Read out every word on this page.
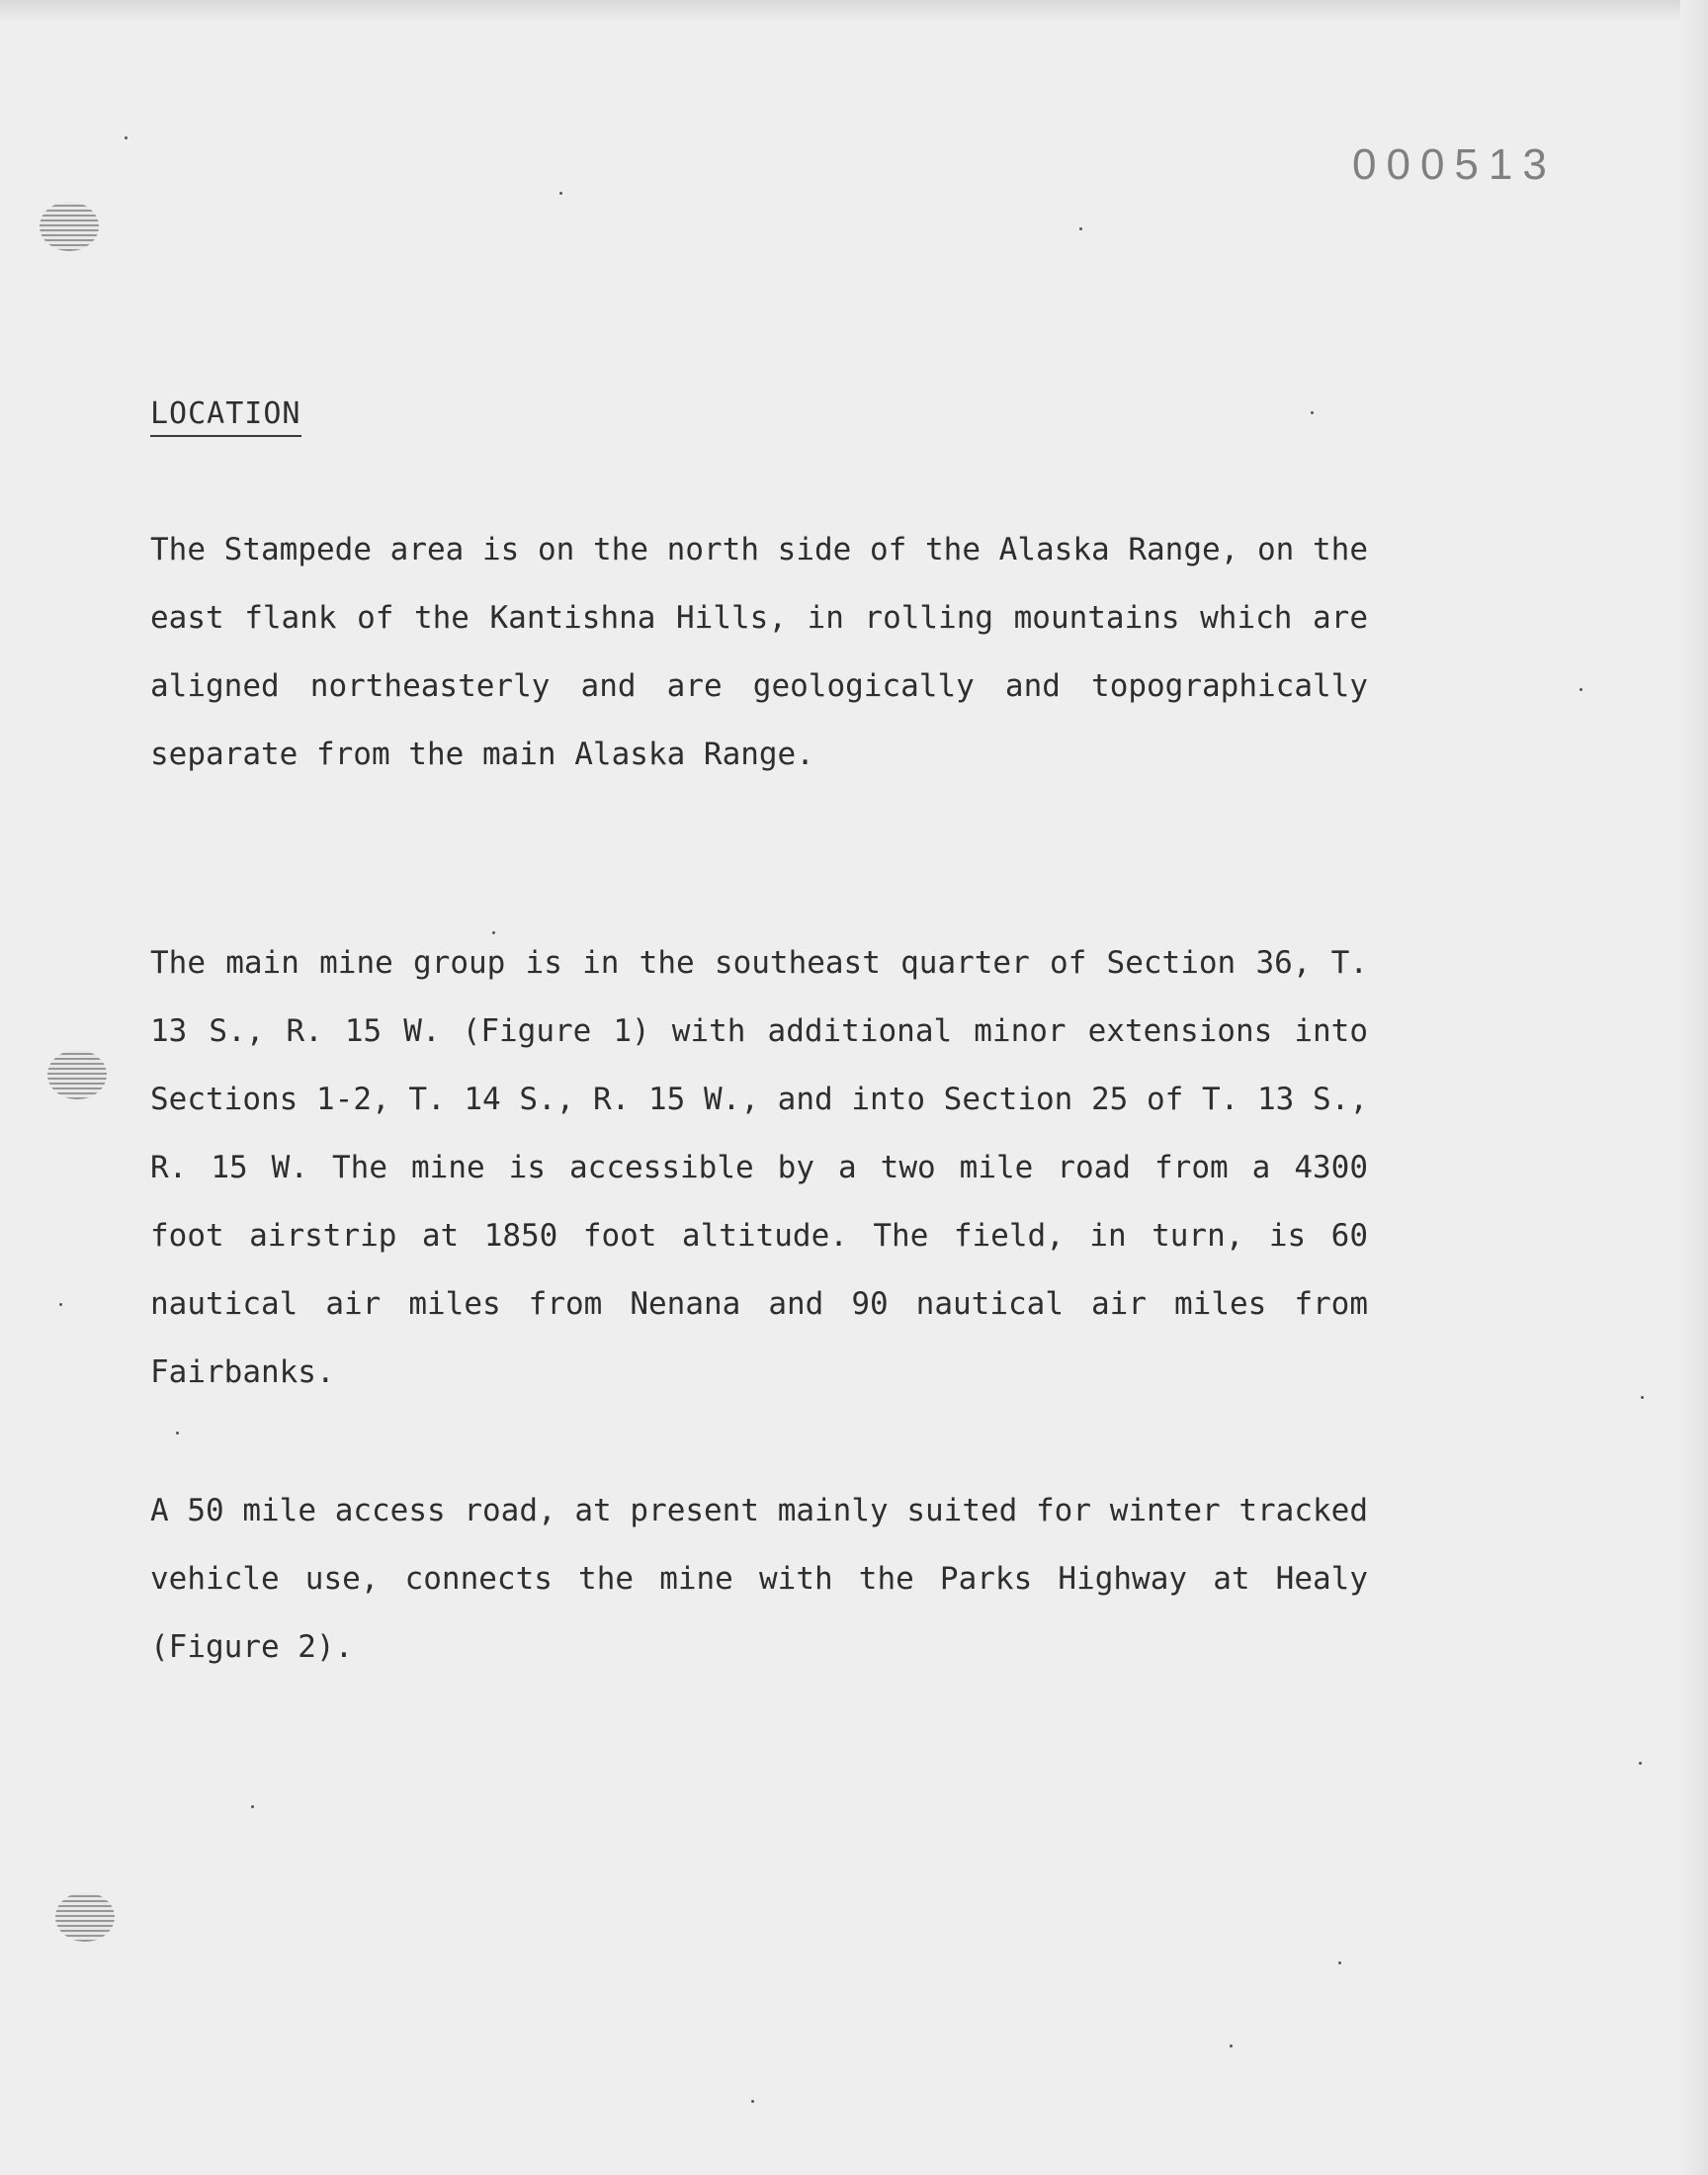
000513
LOCATION

The Stampede area is on the north side of the Alaska Range, on the east flank of the Kantishna Hills, in rolling mountains which are aligned northeasterly and are geologically and topographically separate from the main Alaska Range.

The main mine group is in the southeast quarter of Section 36, T. 13 S., R. 15 W. (Figure 1) with additional minor extensions into Sections 1-2, T. 14 S., R. 15 W., and into Section 25 of T. 13 S., R. 15 W. The mine is accessible by a two mile road from a 4300 foot airstrip at 1850 foot altitude. The field, in turn, is 60 nautical air miles from Nenana and 90 nautical air miles from Fairbanks.

A 50 mile access road, at present mainly suited for winter tracked vehicle use, connects the mine with the Parks Highway at Healy (Figure 2).
